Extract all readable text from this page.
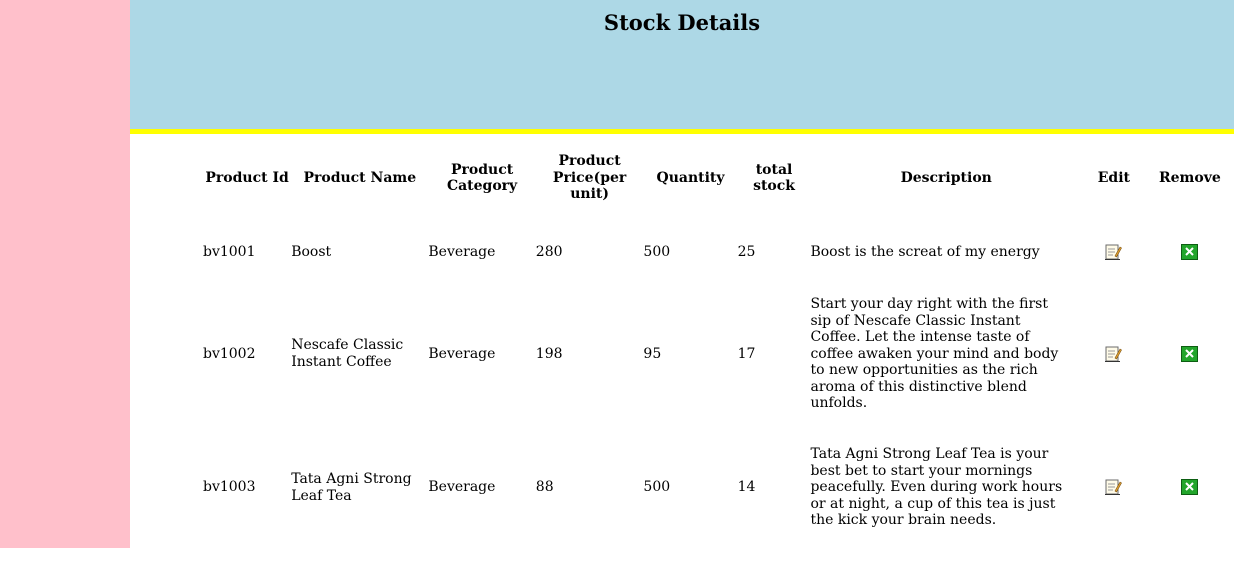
Stock Details
Product Id	Product Name	Product Category	Product Price(per unit)	Quantity	total stock	Description	Edit	Remove
bv1001	Boost	Beverage	280	500	25	Boost is the screat of my energy		
bv1002	Nescafe Classic Instant Coffee	Beverage	198	95	17	Start your day right with the first sip of Nescafe Classic Instant Coffee. Let the intense taste of coffee awaken your mind and body to new opportunities as the rich aroma of this distinctive blend unfolds.		
bv1003	Tata Agni Strong Leaf Tea	Beverage	88	500	14	Tata Agni Strong Leaf Tea is your best bet to start your mornings peacefully. Even during work hours or at night, a cup of this tea is just the kick your brain needs.		
